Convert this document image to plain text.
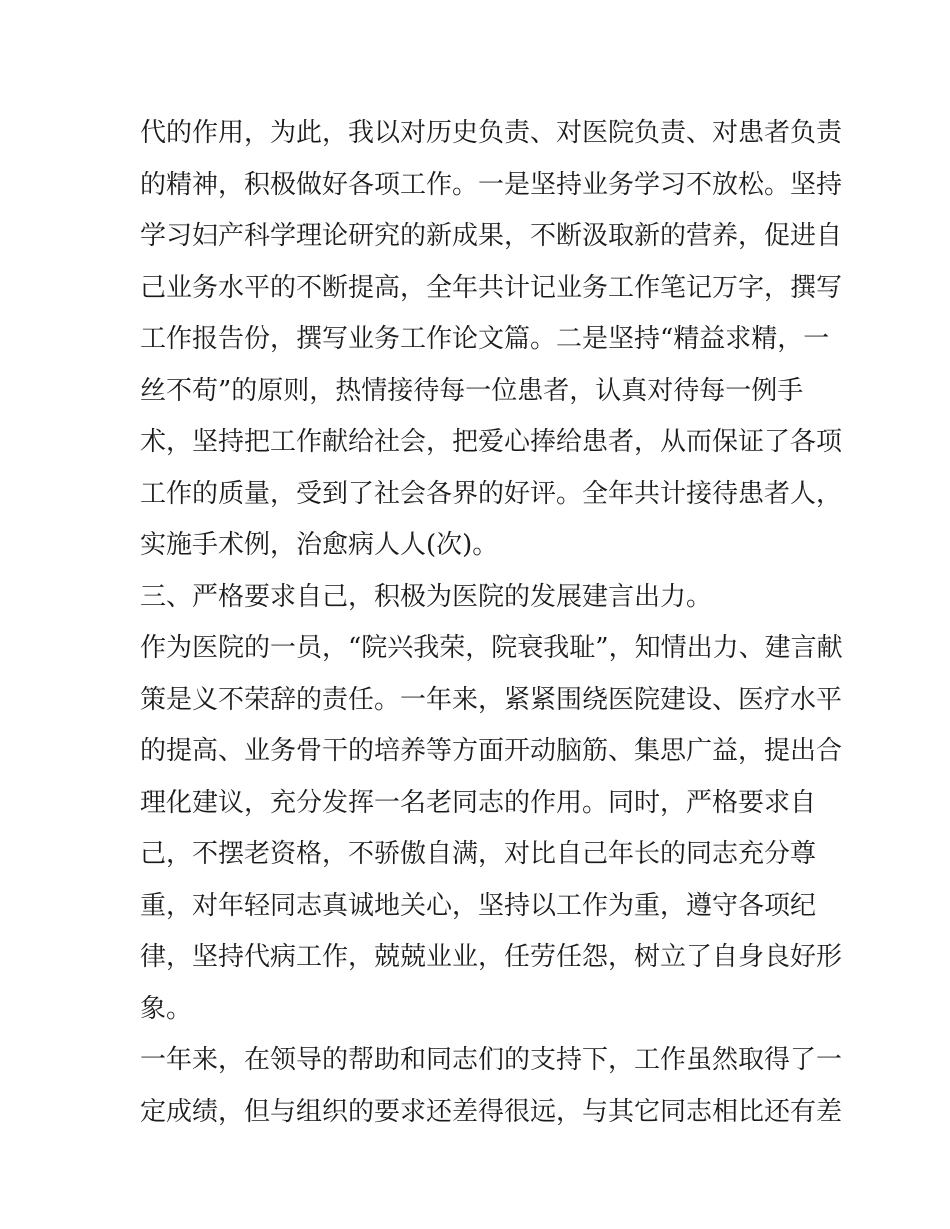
代的作用，为此，我以对历史负责、对医院负责、对患者负责
的精神，积极做好各项工作。一是坚持业务学习不放松。坚持
学习妇产科学理论研究的新成果，不断汲取新的营养，促进自
己业务水平的不断提高，全年共计记业务工作笔记万字，撰写
工作报告份，撰写业务工作论文篇。二是坚持“精益求精，一
丝不苟”的原则，热情接待每一位患者，认真对待每一例手
术，坚持把工作献给社会，把爱心捧给患者，从而保证了各项
工作的质量，受到了社会各界的好评。全年共计接待患者人，
实施手术例，治愈病人人(次)。
三、严格要求自己，积极为医院的发展建言出力。
作为医院的一员，“院兴我荣，院衰我耻”，知情出力、建言献
策是义不荣辞的责任。一年来，紧紧围绕医院建设、医疗水平
的提高、业务骨干的培养等方面开动脑筋、集思广益，提出合
理化建议，充分发挥一名老同志的作用。同时，严格要求自
己，不摆老资格，不骄傲自满，对比自己年长的同志充分尊
重，对年轻同志真诚地关心，坚持以工作为重，遵守各项纪
律，坚持代病工作，兢兢业业，任劳任怨，树立了自身良好形
象。
一年来，在领导的帮助和同志们的支持下，工作虽然取得了一
定成绩，但与组织的要求还差得很远，与其它同志相比还有差
